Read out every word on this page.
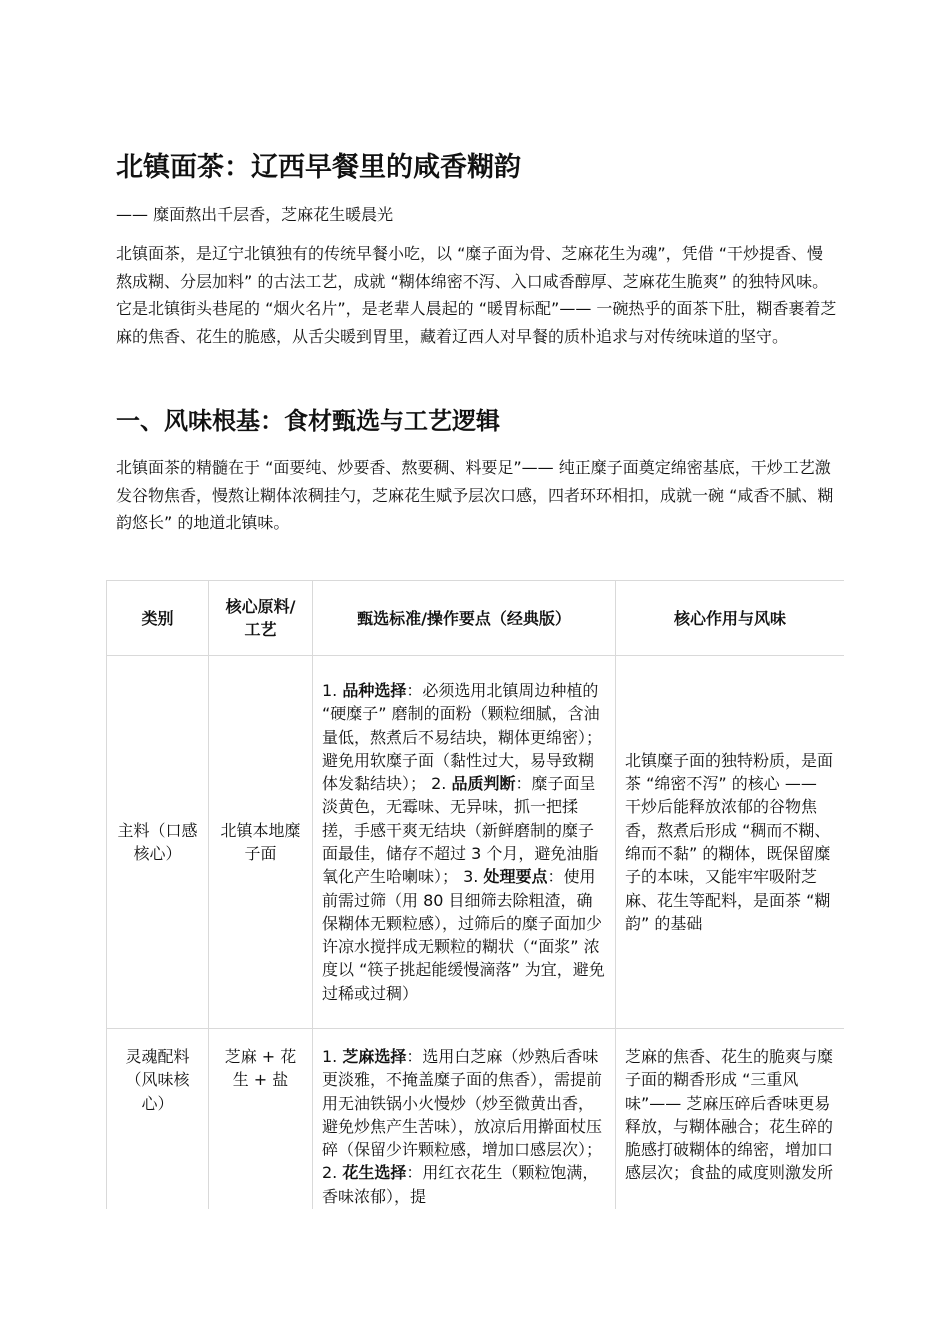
北镇面茶：辽西早餐里的咸香糊韵

—— 糜面熬出千层香，芝麻花生暖晨光

北镇面茶，是辽宁北镇独有的传统早餐小吃，以 “糜子面为骨、芝麻花生为魂”，凭借 “干炒提香、慢熬成糊、分层加料” 的古法工艺，成就 “糊体绵密不泻、入口咸香醇厚、芝麻花生脆爽” 的独特风味。它是北镇街头巷尾的 “烟火名片”，是老辈人晨起的 “暖胃标配”—— 一碗热乎的面茶下肚，糊香裹着芝麻的焦香、花生的脆感，从舌尖暖到胃里，藏着辽西人对早餐的质朴追求与对传统味道的坚守。

一、风味根基：食材甄选与工艺逻辑

北镇面茶的精髓在于 “面要纯、炒要香、熬要稠、料要足”—— 纯正糜子面奠定绵密基底，干炒工艺激发谷物焦香，慢熬让糊体浓稠挂勺，芝麻花生赋予层次口感，四者环环相扣，成就一碗 “咸香不腻、糊韵悠长” 的地道北镇味。

类别	核心原料/工艺	甄选标准/操作要点（经典版）	核心作用与风味
主料（口感核心）	北镇本地糜子面	1. 品种选择：必须选用北镇周边种植的 “硬糜子” 磨制的面粉（颗粒细腻，含油量低，熬煮后不易结块，糊体更绵密）；避免用软糜子面（黏性过大，易导致糊体发黏结块）； 2. 品质判断：糜子面呈淡黄色，无霉味、无异味，抓一把揉搓，手感干爽无结块（新鲜磨制的糜子面最佳，储存不超过 3 个月，避免油脂氧化产生哈喇味）； 3. 处理要点：使用前需过筛（用 80 目细筛去除粗渣，确保糊体无颗粒感），过筛后的糜子面加少许凉水搅拌成无颗粒的糊状（“面浆” 浓度以 “筷子挑起能缓慢滴落” 为宜，避免过稀或过稠）	北镇糜子面的独特粉质，是面茶 “绵密不泻” 的核心 —— 干炒后能释放浓郁的谷物焦香，熬煮后形成 “稠而不糊、绵而不黏” 的糊体，既保留糜子的本味，又能牢牢吸附芝麻、花生等配料，是面茶 “糊韵” 的基础
灵魂配料（风味核心）	芝麻 + 花生 + 盐	1. 芝麻选择：选用白芝麻（炒熟后香味更淡雅，不掩盖糜子面的焦香），需提前用无油铁锅小火慢炒（炒至微黄出香，避免炒焦产生苦味），放凉后用擀面杖压碎（保留少许颗粒感，增加口感层次）； 2. 花生选择：用红衣花生（颗粒饱满，香味浓郁），提	芝麻的焦香、花生的脆爽与糜子面的糊香形成 “三重风味”—— 芝麻压碎后香味更易释放，与糊体融合；花生碎的脆感打破糊体的绵密，增加口感层次；食盐的咸度则激发所
